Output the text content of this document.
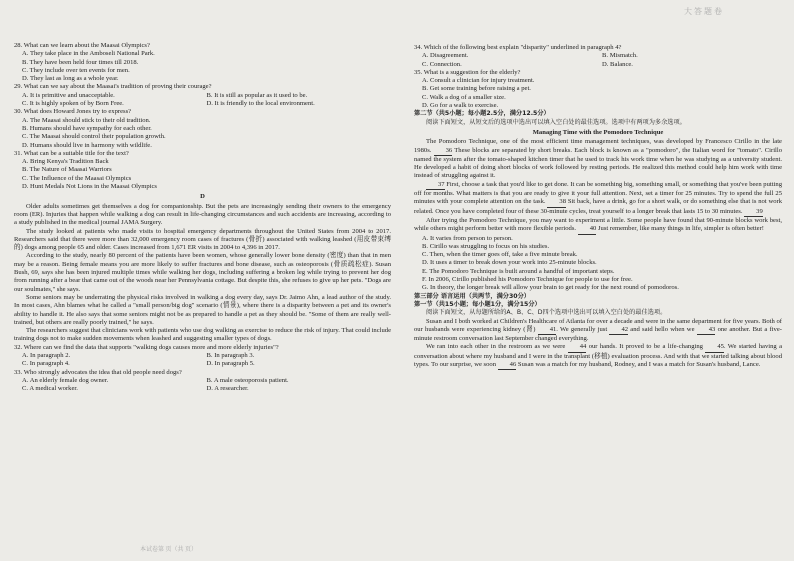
大 答 题 卷

28. What can we learn about the Maasai Olympics?

A. They take place in the Amboseli National Park.
B. They have been held four times till 2018.
C. They include over ten events for men.
D. They last as long as a whole year.

29. What can we say about the Maasai's tradition of proving their courage?

A. It is primitive and unacceptable.	B. It is still as popular as it used to be.
C. It is highly spoken of by Born Free.	D. It is friendly to the local environment.

30. What does Howard Jones try to express?

A. The Maasai should stick to their old tradition.
B. Humans should have sympathy for each other.
C. The Maasai should control their population growth.
D. Humans should live in harmony with wildlife.

31. What can be a suitable title for the text?

A. Bring Kenya's Tradition Back
B. The Nature of Maasai Warriors
C. The Influence of the Maasai Olympics
D. Hunt Medals Not Lions in the Maasai Olympics
D

Older adults sometimes get themselves a dog for companionship. But the pets are increasingly sending their owners to the emergency room (ER). Injuries that happen while walking a dog can result in life-changing circumstances and such accidents are increasing, according to a study published in the medical journal JAMA Surgery.

The study looked at patients who made visits to hospital emergency departments throughout the United States from 2004 to 2017. Researchers said that there were more than 32,000 emergency room cases of fractures (骨折) associated with walking leashed (用皮带束缚的) dogs among people 65 and older. Cases increased from 1,671 ER visits in 2004 to 4,396 in 2017.

According to the study, nearly 80 percent of the patients have been women, whose generally lower bone density (密度) than that in men may be a reason. Being female means you are more likely to suffer fractures and bone disease, such as osteoporosis (骨质疏松症). Susan Bush, 69, says she has been injured multiple times while walking her dogs, including suffering a broken leg while trying to prevent her dog from running after a bear that came out of the woods near her Pennsylvania cottage. But despite this, she refuses to give up her pets. "Dogs are our soulmates," she says.

Some seniors may be underrating the physical risks involved in walking a dog every day, says Dr. Jaimo Ahn, a lead author of the study. In most cases, Ahn blames what he called a "small person/big dog" scenario (情景), where there is a disparity between a pet and its owner's ability to handle it. He also says that some seniors might not be as prepared to handle a pet as they should be. "Some of them are really well-trained, but others are really poorly trained," he says.

The researchers suggest that clinicians work with patients who use dog walking as exercise to reduce the risk of injury. That could include training dogs not to make sudden movements when leashed and suggesting smaller types of dogs.

32. Where can we find the data that supports "walking dogs causes more and more elderly injuries"?

A. In paragraph 2.	B. In paragraph 3.
C. In paragraph 4.	D. In paragraph 5.

33. Who strongly advocates the idea that old people need dogs?

A. An elderly female dog owner.	B. A male osteoporosis patient.
C. A medical worker.	D. A researcher.

34. Which of the following best explain "disparity" underlined in paragraph 4?

A. Disagreement.	B. Mismatch.
C. Connection.	D. Balance.

35. What is a suggestion for the elderly?

A. Consult a clinician for injury treatment.
B. Get some training before raising a pet.
C. Walk a dog of a smaller size.
D. Go for a walk to exercise.
第二节（共5小题；每小题2.5分，满分12.5分）
阅读下面短文，从短文后的选项中选出可以填入空白处的最佳选项。选项中有两项为多余选项。
Managing Time with the Pomodoro Technique

The Pomodoro Technique, one of the most efficient time management techniques, was developed by Francesco Cirillo in the late 1980s. 36 These blocks are separated by short breaks. Each block is known as a "pomodoro", the Italian word for "tomato". Cirillo named the system after the tomato-shaped kitchen timer that he used to track his work time when he was studying as a university student. He developed a habit of doing short blocks of work followed by resting periods. He realized this method could help him work with time instead of struggling against it.

37 First, choose a task that you'd like to get done. It can be something big, something small, or something that you've been putting off for months. What matters is that you are ready to give it your full attention. Next, set a timer for 25 minutes. Try to spend the full 25 minutes with your complete attention on the task. 38 Sit back, have a drink, go for a short walk, or do something else that is not work related. Once you have completed four of these 30-minute cycles, treat yourself to a longer break that lasts 15 to 30 minutes. 39

After trying the Pomodoro Technique, you may want to experiment a little. Some people have found that 90-minute blocks work best, while others might perform better with more flexible periods. 40 Just remember, like many things in life, simpler is often better!

A. It varies from person to person.
B. Cirillo was struggling to focus on his studies.
C. Then, when the timer goes off, take a five minute break.
D. It uses a timer to break down your work into 25-minute blocks.
E. The Pomodoro Technique is built around a handful of important steps.
F. In 2006, Cirillo published his Pomodoro Technique for people to use for free.
G. In theory, the longer break will allow your brain to get ready for the next round of pomodoros.
第三部分 语言运用（共两节，满分30分）
第一节（共15小题；每小题1分，满分15分）
阅读下面短文，从每题所给的A、B、C、D四个选项中选出可以填入空白处的最佳选项。

Susan and I both worked at Children's Healthcare of Atlanta for over a decade and were in the same department for five years. Both of our husbands were experiencing kidney (肾) 41. We generally just 42 and said hello when we 43 one another. But a five-minute restroom conversation last September changed everything.

We ran into each other in the restroom as we were 44 our hands. It proved to be a life-changing 45. We started having a conversation about where my husband and I were in the transplant (移植) evaluation process. And with that we started talking about blood types. To our surprise, we soon 46 Susan was a match for my husband, Rodney, and I was a match for Susan's husband, Lance.

本试卷第 页（共 页）
